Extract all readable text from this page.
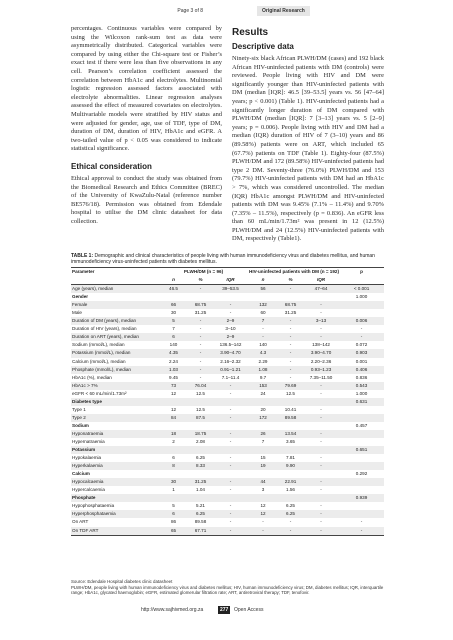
Page 3 of 8	Original Research

percentages. Continuous variables were compared by using the Wilcoxon rank-sum test as data were asymmetrically distributed. Categorical variables were compared by using either the Chi-square test or Fisher’s exact test if there were less than five observations in any cell. Pearson’s correlation coefficient assessed the correlation between HbA1c and electrolytes. Multinomial logistic regression assessed factors associated with electrolyte abnormalities. Linear regression analyses assessed the effect of measured covariates on electrolytes. Multivariable models were stratified by HIV status and were adjusted for gender, age, use of TDF, type of DM, duration of DM, duration of HIV, HbA1c and eGFR. A two-tailed value of p < 0.05 was considered to indicate statistical significance.

Ethical consideration

Ethical approval to conduct the study was obtained from the Biomedical Research and Ethics Committee (BREC) of the University of KwaZulu-Natal (reference number BE576/18). Permission was obtained from Edendale hospital to utilise the DM clinic datasheet for data collection.

Results
Descriptive data

Ninety-six black African PLWH/DM (cases) and 192 black African HIV-uninfected patients with DM (controls) were reviewed. People living with HIV and DM were significantly younger than HIV-uninfected patients with DM (median [IQR]: 46.5 [39–53.5] years vs. 56 [47–64] years; p < 0.001) (Table 1). HIV-uninfected patients had a significantly longer duration of DM compared with PLWH/DM (median [IQR]: 7 [3–13] years vs. 5 [2–9] years; p = 0.006). People living with HIV and DM had a median (IQR) duration of HIV of 7 (3–10) years and 86 (89.58%) patients were on ART, which included 65 (67.7%) patients on TDF (Table 1). Eighty-four (87.5%) PLWH/DM and 172 (89.58%) HIV-uninfected patients had type 2 DM. Seventy-three (76.0%) PLWH/DM and 153 (79.7%) HIV-uninfected patients with DM had an HbA1c > 7%, which was considered uncontrolled. The median (IQR) HbA1c amongst PLWH/DM and HIV-uninfected patients with DM was 9.45% (7.1% – 11.4%) and 9.70% (7.35% – 11.5%), respectively (p = 0.836). An eGFR less than 60 mL/min/1.73m² was present in 12 (12.5%) PLWH/DM and 24 (12.5%) HIV-uninfected patients with DM, respectively (Table1).

TABLE 1: Demographic and clinical characteristics of people living with human immunodeficiency virus and diabetes mellitus, and human immunodeficiency virus-uninfected patients with diabetes mellitus.
Parameter	PLWH/DM (n = 96)			HIV-uninfected patients with DM (n = 192)			p
	n	%	IQR	n	%	IQR	
Age (years), median	46.5	-	39–53.5	56	-	47–64	< 0.001
Gender							1.000
Female	66	68.75	-	132	68.75	-	
Male	30	31.25	-	60	31.25	-	
Duration of DM (years), median	5	-	2–9	7	-	3–13	0.006
Duration of HIV (years), median	7	-	3–10	-	-	-	-
Duration on ART (years), median	6	-	2–9	-	-	-	-
Sodium (mmol/L), median	140	-	136.5–142	140	-	138–142	0.072
Potassium (mmol/L), median	4.35	-	3.90–4.70	4.3	-	3.90–4.70	0.903
Calcium (mmol/L), median	2.24	-	2.16–2.32	2.29	-	2.20–2.36	0.001
Phosphate (mmol/L), median	1.03	-	0.91–1.21	1.08	-	0.93–1.23	0.406
HbA1c (%), median	9.45	-	7.1–11.4	9.7	-	7.35–11.50	0.836
HbA1c > 7%	73	76.04	-	153	79.69	-	0.543
eGFR < 60 mL/min/1.73m²	12	12.5	-	24	12.5	-	1.000
Diabetes type							0.631
Type 1	12	12.5	-	20	10.41	-	
Type 2	84	87.5	-	172	89.58	-	
Sodium							0.457
Hyponatraemia	18	18.75	-	26	13.54	-	
Hypernatraemia	2	2.08	-	7	3.65	-	
Potassium							0.651
Hypokalaemia	6	6.25	-	15	7.81	-	
Hyperkalaemia	8	8.33	-	19	9.90	-	
Calcium							0.292
Hypocalcaemia	30	31.25	-	44	22.91	-	
Hypercalcaemia	1	1.04	-	3	1.56	-	
Phosphate							0.939
Hypophosphataemia	5	5.21	-	12	6.25	-	
Hyperphosphataemia	6	6.25	-	12	6.25	-	
On ART	86	89.58	-	-	-	-	-
On TDF ART	65	67.71	-	-	-	-	-
Source: Edendale Hospital diabetes clinic datasheet
PLWH/DM, people living with human immunodeficiency virus and diabetes mellitus; HIV, human immunodeficiency virus; DM, diabetes mellitus; IQR, interquartile range; HbA1c, glycated haemoglobin; eGFR, estimated glomerular filtration rate; ART, antiretroviral therapy; TDF, tenofovir.
http://www.sajhivmed.org.za	277	Open Access
